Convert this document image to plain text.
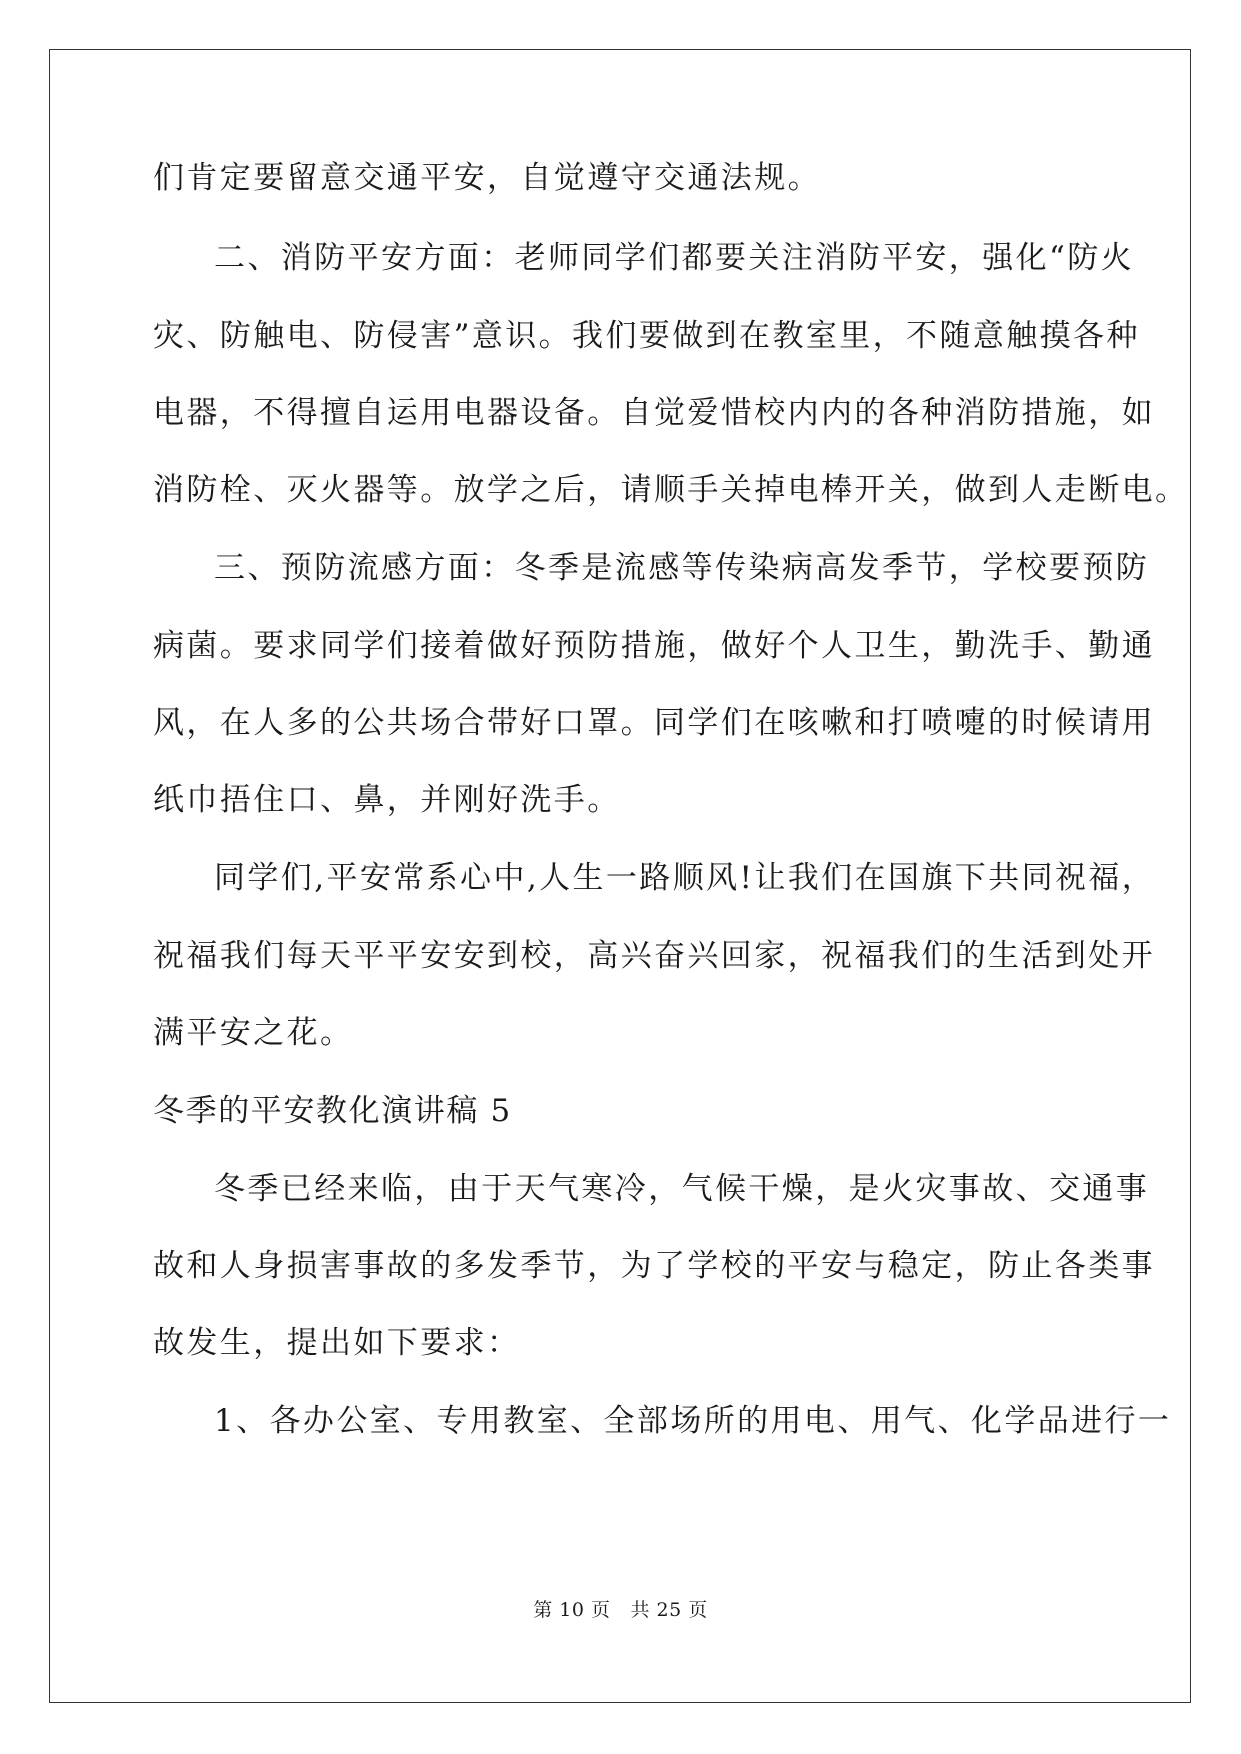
们肯定要留意交通平安，自觉遵守交通法规。
二、消防平安方面：老师同学们都要关注消防平安，强化“防火
灾、防触电、防侵害”意识。我们要做到在教室里，不随意触摸各种
电器，不得擅自运用电器设备。自觉爱惜校内内的各种消防措施，如
消防栓、灭火器等。放学之后，请顺手关掉电棒开关，做到人走断电。
三、预防流感方面：冬季是流感等传染病高发季节，学校要预防
病菌。要求同学们接着做好预防措施，做好个人卫生，勤洗手、勤通
风，在人多的公共场合带好口罩。同学们在咳嗽和打喷嚏的时候请用
纸巾捂住口、鼻，并刚好洗手。
同学们,平安常系心中,人生一路顺风!让我们在国旗下共同祝福，
祝福我们每天平平安安到校，高兴奋兴回家，祝福我们的生活到处开
满平安之花。
冬季的平安教化演讲稿 5
冬季已经来临，由于天气寒冷，气候干燥，是火灾事故、交通事
故和人身损害事故的多发季节，为了学校的平安与稳定，防止各类事
故发生，提出如下要求：
1、各办公室、专用教室、全部场所的用电、用气、化学品进行一
第 10 页 共 25 页
